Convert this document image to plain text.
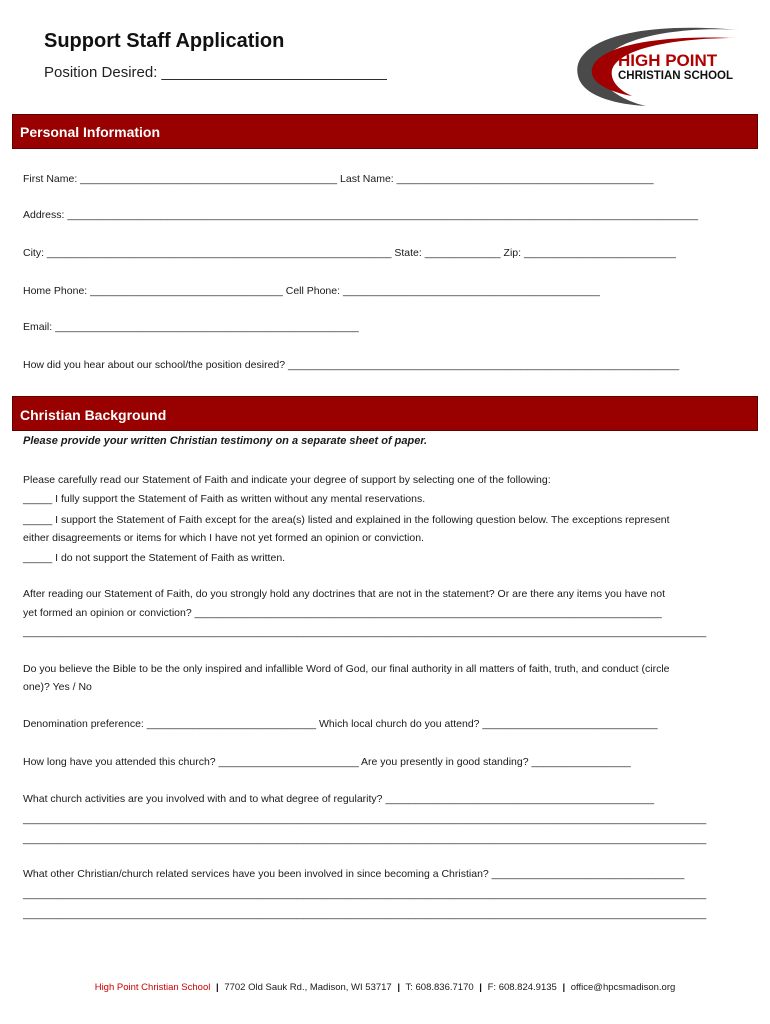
Support Staff Application
Position Desired: ___________________________
HIGH POINT
CHRISTIAN SCHOOL
Personal Information
First Name: ____________________________________________ Last Name: ____________________________________________
Address: ____________________________________________________________________________________________________________
City: ___________________________________________________________ State: _____________ Zip: __________________________
Home Phone: _________________________________ Cell Phone: ____________________________________________
Email: ____________________________________________________
How did you hear about our school/the position desired? ___________________________________________________________________
Christian Background
Please provide your written Christian testimony on a separate sheet of paper.
Please carefully read our Statement of Faith and indicate your degree of support by selecting one of the following:
_____ I fully support the Statement of Faith as written without any mental reservations.
_____ I support the Statement of Faith except for the area(s) listed and explained in the following question below. The exceptions represent
either disagreements or items for which I have not yet formed an opinion or conviction.
_____ I do not support the Statement of Faith as written.
After reading our Statement of Faith, do you strongly hold any doctrines that are not in the statement? Or are there any items you have not
yet formed an opinion or conviction? ________________________________________________________________________________
_____________________________________________________________________________________________________________________
Do you believe the Bible to be the only inspired and infallible Word of God, our final authority in all matters of faith, truth, and conduct (circle
one)? Yes / No
Denomination preference: _____________________________ Which local church do you attend? ______________________________
How long have you attended this church? ________________________ Are you presently in good standing? _________________
What church activities are you involved with and to what degree of regularity? ______________________________________________
_____________________________________________________________________________________________________________________
_____________________________________________________________________________________________________________________
What other Christian/church related services have you been involved in since becoming a Christian? _________________________________
_____________________________________________________________________________________________________________________
_____________________________________________________________________________________________________________________
High Point Christian School | 7702 Old Sauk Rd., Madison, WI 53717 | T: 608.836.7170 | F: 608.824.9135 | office@hpcsmadison.org
